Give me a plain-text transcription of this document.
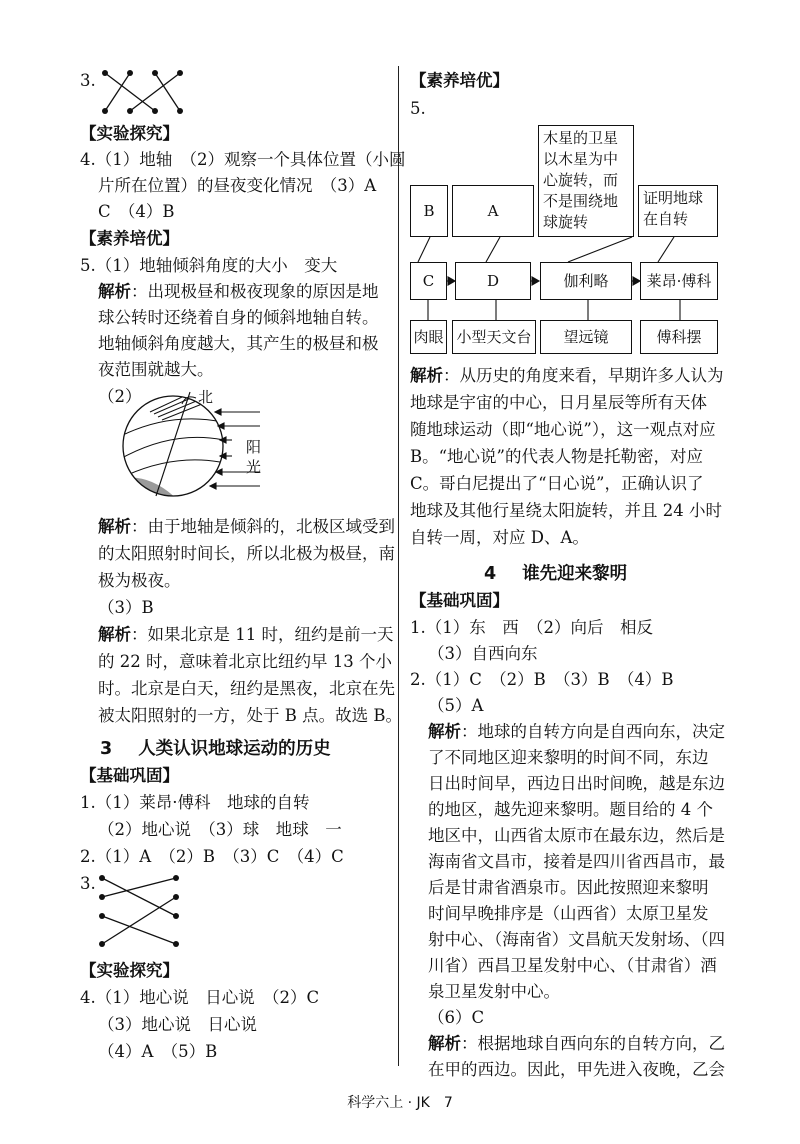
3.
【实验探究】
4.（1）地轴　（2）观察一个具体位置（小圆
片所在位置）的昼夜变化情况　（3）A
C　（4）B
【素养培优】
5.（1）地轴倾斜角度的大小　变大
解析：出现极昼和极夜现象的原因是地
球公转时还绕着自身的倾斜地轴自转。
地轴倾斜角度越大，其产生的极昼和极
夜范围就越大。
（2）	北
阳
光
解析：由于地轴是倾斜的，北极区域受到
的太阳照射时间长，所以北极为极昼，南
极为极夜。
（3）B
解析：如果北京是 11 时，纽约是前一天
的 22 时，意味着北京比纽约早 13 个小
时。北京是白天，纽约是黑夜，北京在先
被太阳照射的一方，处于 B 点。故选 B。
3 人类认识地球运动的历史
【基础巩固】
1.（1）莱昂·傅科　地球的自转
（2）地心说　（3）球　地球　一
2.（1）A　（2）B　（3）C　（4）C
3.
【实验探究】
4.（1）地心说　日心说　（2）C
（3）地心说　日心说
（4）A　（5）B
【素养培优】
5.
木星的卫星以木星为中心旋转，而不是围绕地球旋转
证明地球在自转
B	A
C	D	伽利略	莱昂·傅科
肉眼 小型天文台	望远镜	傅科摆
解析：从历史的角度来看，早期许多人认为
地球是宇宙的中心，日月星辰等所有天体
随地球运动（即“地心说”），这一观点对应
B。“地心说”的代表人物是托勒密，对应
C。哥白尼提出了“日心说”，正确认识了
地球及其他行星绕太阳旋转，并且 24 小时
自转一周，对应 D、A。
4 谁先迎来黎明
【基础巩固】
1.（1）东　西　（2）向后　相反
（3）自西向东
2.（1）C　（2）B　（3）B　（4）B
（5）A
解析：地球的自转方向是自西向东，决定
了不同地区迎来黎明的时间不同，东边
日出时间早，西边日出时间晚，越是东边
的地区，越先迎来黎明。题目给的 4 个
地区中，山西省太原市在最东边，然后是
海南省文昌市，接着是四川省西昌市，最
后是甘肃省酒泉市。因此按照迎来黎明
时间早晚排序是（山西省）太原卫星发
射中心、（海南省）文昌航天发射场、（四
川省）西昌卫星发射中心、（甘肃省）酒
泉卫星发射中心。
（6）C
解析：根据地球自西向东的自转方向，乙
在甲的西边。因此，甲先进入夜晚，乙会
科学六上 · JK　7
